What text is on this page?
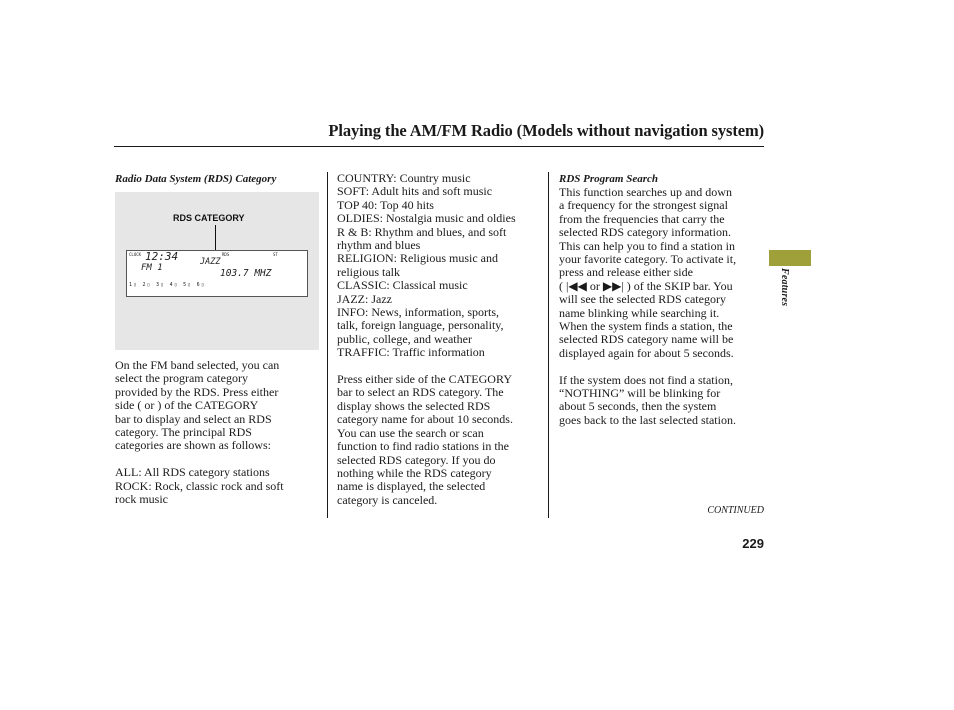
Playing the AM/FM Radio (Models without navigation system)
Radio Data System (RDS) Category
RDS CATEGORY
CLOCK 12:34
FM 1
RDS	ST
JAZZ
103.7 MHZ
1▯ 2▯ 3▯ 4▯ 5▯ 6▯

On the FM band selected, you can
select the program category
provided by the RDS. Press either
side ( or ) of the CATEGORY
bar to display and select an RDS
category. The principal RDS
categories are shown as follows:

ALL: All RDS category stations
ROCK: Rock, classic rock and soft
rock music

COUNTRY: Country music
SOFT: Adult hits and soft music
TOP 40: Top 40 hits
OLDIES: Nostalgia music and oldies
R & B: Rhythm and blues, and soft
rhythm and blues
RELIGION: Religious music and
religious talk
CLASSIC: Classical music
JAZZ: Jazz
INFO: News, information, sports,
talk, foreign language, personality,
public, college, and weather
TRAFFIC: Traffic information

Press either side of the CATEGORY
bar to select an RDS category. The
display shows the selected RDS
category name for about 10 seconds.
You can use the search or scan
function to find radio stations in the
selected RDS category. If you do
nothing while the RDS category
name is displayed, the selected
category is canceled.

RDS Program Search

This function searches up and down
a frequency for the strongest signal
from the frequencies that carry the
selected RDS category information.
This can help you to find a station in
your favorite category. To activate it,
press and release either side
( |◀◀ or ▶▶| ) of the SKIP bar. You
will see the selected RDS category
name blinking while searching it.
When the system finds a station, the
selected RDS category name will be
displayed again for about 5 seconds.

If the system does not find a station,
“NOTHING” will be blinking for
about 5 seconds, then the system
goes back to the last selected station.

Features
CONTINUED
229
